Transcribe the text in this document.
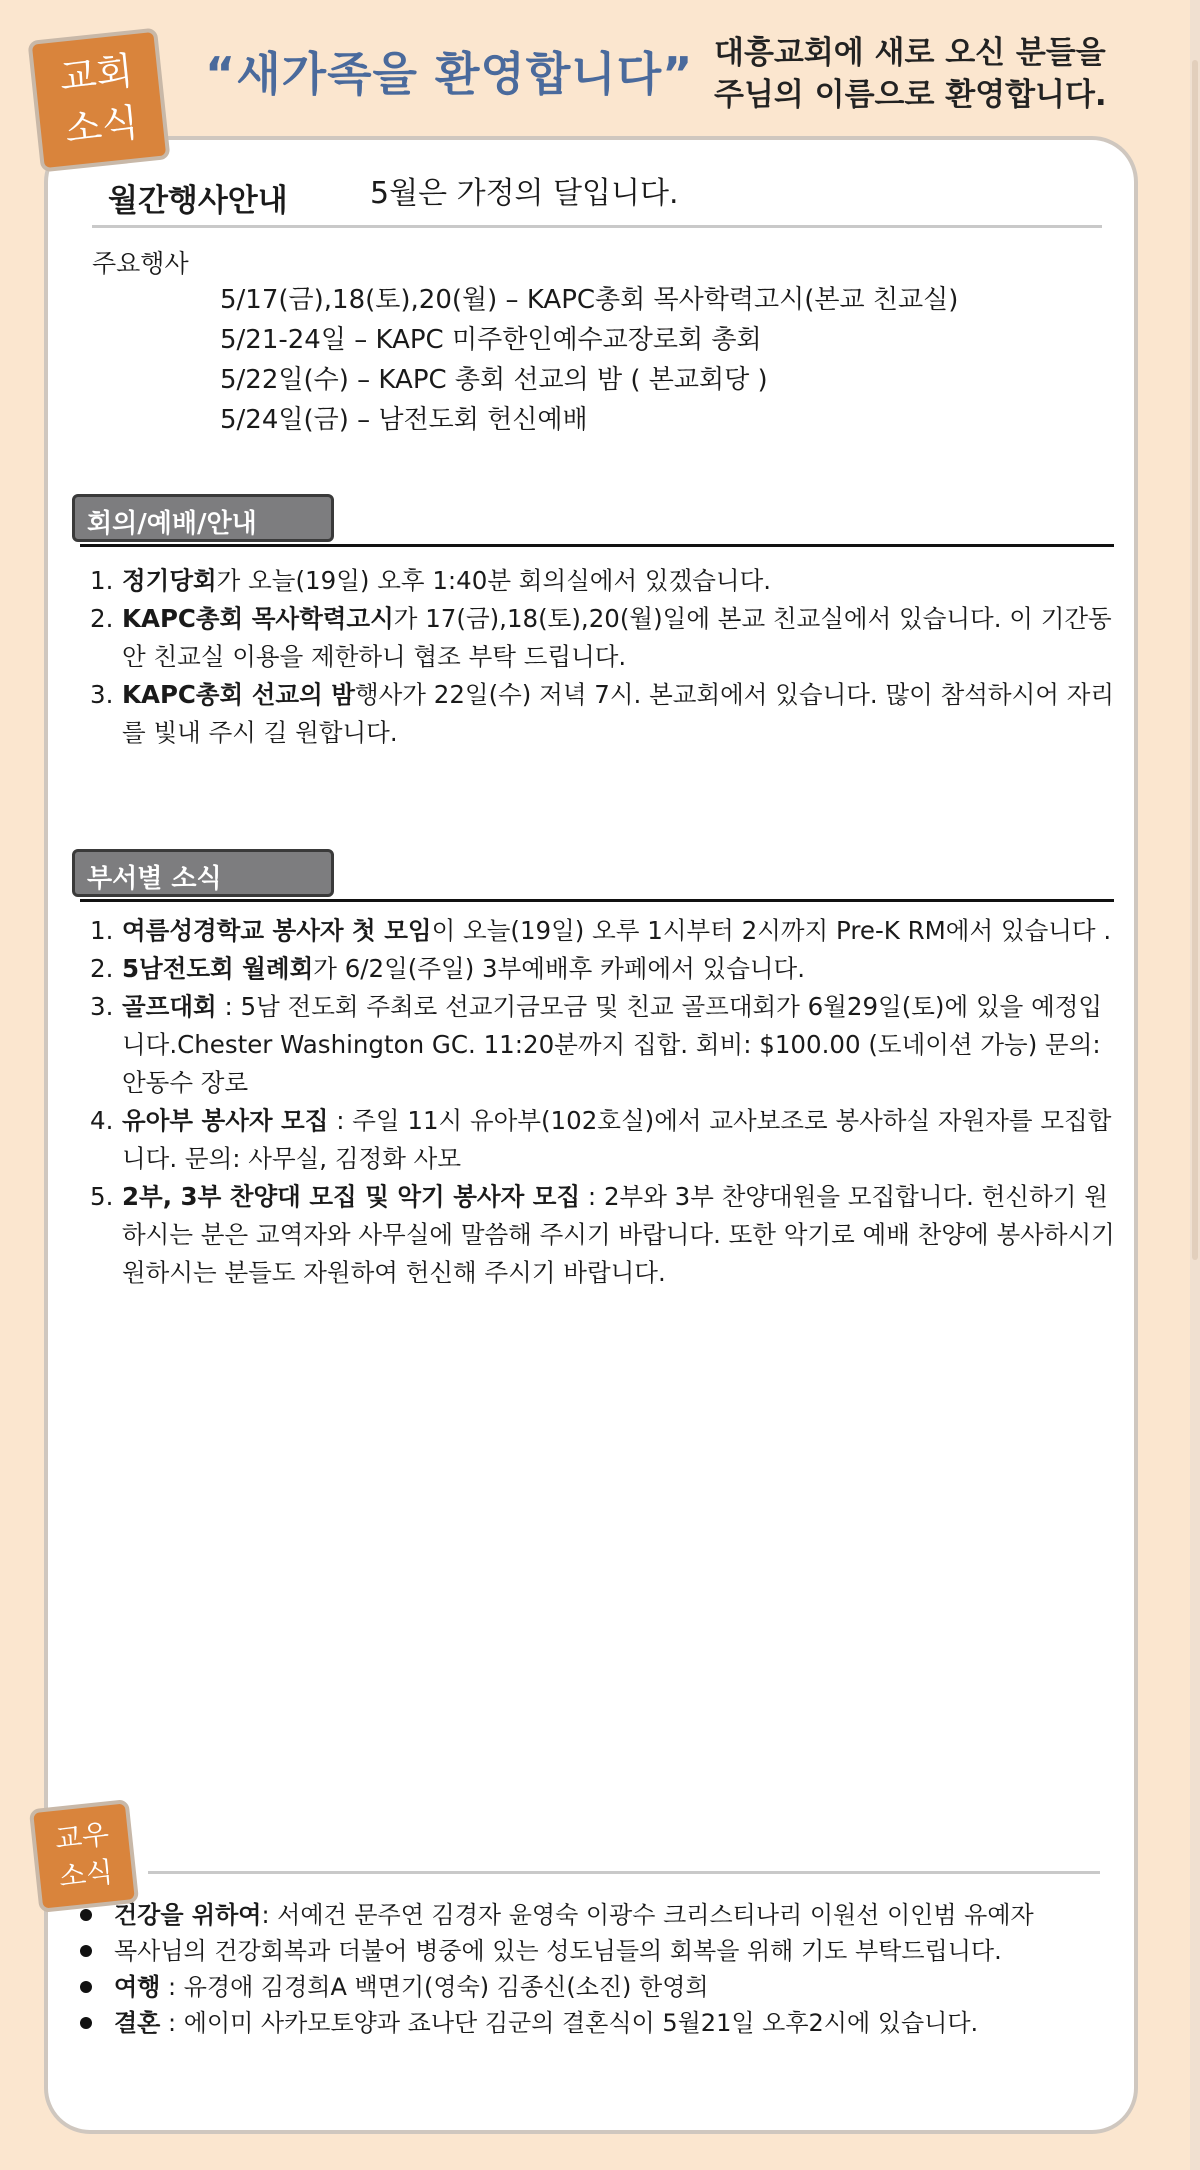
교회
소식
“새가족을 환영합니다” 대흥교회에 새로 오신 분들을
주님의 이름으로 환영합니다.
월간행사안내	5월은 가정의 달입니다.
주요행사
5/17(금),18(토),20(월) – KAPC총회 목사학력고시(본교 친교실)
5/21-24일 – KAPC 미주한인예수교장로회 총회
5/22일(수) – KAPC 총회 선교의 밤 ( 본교회당 )
5/24일(금) – 남전도회 헌신예배
회의/예배/안내
1. 정기당회가 오늘(19일) 오후 1:40분 회의실에서 있겠습니다.
2. KAPC총회 목사학력고시가 17(금),18(토),20(월)일에 본교 친교실에서 있습니다. 이 기간동안 친교실 이용을 제한하니 협조 부탁 드립니다.
3. KAPC총회 선교의 밤행사가 22일(수) 저녁 7시. 본교회에서 있습니다. 많이 참석하시어 자리를 빛내 주시 길 원합니다.
부서별 소식
1. 여름성경학교 봉사자 첫 모임이 오늘(19일) 오루 1시부터 2시까지 Pre-K RM에서 있습니다 .
2. 5남전도회 월례회가 6/2일(주일) 3부예배후 카페에서 있습니다.
3. 골프대회 : 5남 전도회 주최로 선교기금모금 및 친교 골프대회가 6월29일(토)에 있을 예정입니다.Chester Washington GC. 11:20분까지 집합. 회비: $100.00 (도네이션 가능) 문의: 안동수 장로
4. 유아부 봉사자 모집 : 주일 11시 유아부(102호실)에서 교사보조로 봉사하실 자원자를 모집합니다. 문의: 사무실, 김정화 사모
5. 2부, 3부 찬양대 모집 및 악기 봉사자 모집 : 2부와 3부 찬양대원을 모집합니다. 헌신하기 원하시는 분은 교역자와 사무실에 말씀해 주시기 바랍니다. 또한 악기로 예배 찬양에 봉사하시기 원하시는 분들도 자원하여 헌신해 주시기 바랍니다.
교우
소식
건강을 위하여: 서예건 문주연 김경자 윤영숙 이광수 크리스티나리 이원선 이인범 유예자
목사님의 건강회복과 더불어 병중에 있는 성도님들의 회복을 위해 기도 부탁드립니다.
여행 : 유경애 김경희A 백면기(영숙) 김종신(소진) 한영희
결혼 : 에이미 사카모토양과 죠나단 김군의 결혼식이 5월21일 오후2시에 있습니다.
